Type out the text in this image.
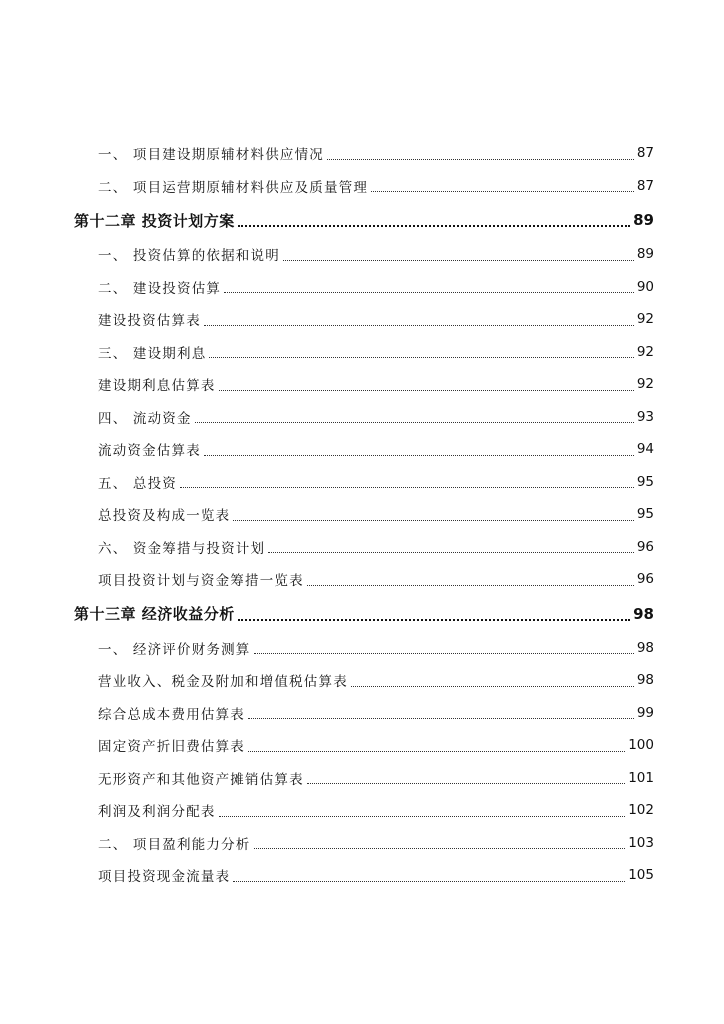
一、 项目建设期原辅材料供应情况	87
二、 项目运营期原辅材料供应及质量管理	87
第十二章 投资计划方案	89
一、 投资估算的依据和说明	89
二、 建设投资估算	90
建设投资估算表	92
三、 建设期利息	92
建设期利息估算表	92
四、 流动资金	93
流动资金估算表	94
五、 总投资	95
总投资及构成一览表	95
六、 资金筹措与投资计划	96
项目投资计划与资金筹措一览表	96
第十三章 经济收益分析	98
一、 经济评价财务测算	98
营业收入、税金及附加和增值税估算表	98
综合总成本费用估算表	99
固定资产折旧费估算表	100
无形资产和其他资产摊销估算表	101
利润及利润分配表	102
二、 项目盈利能力分析	103
项目投资现金流量表	105
